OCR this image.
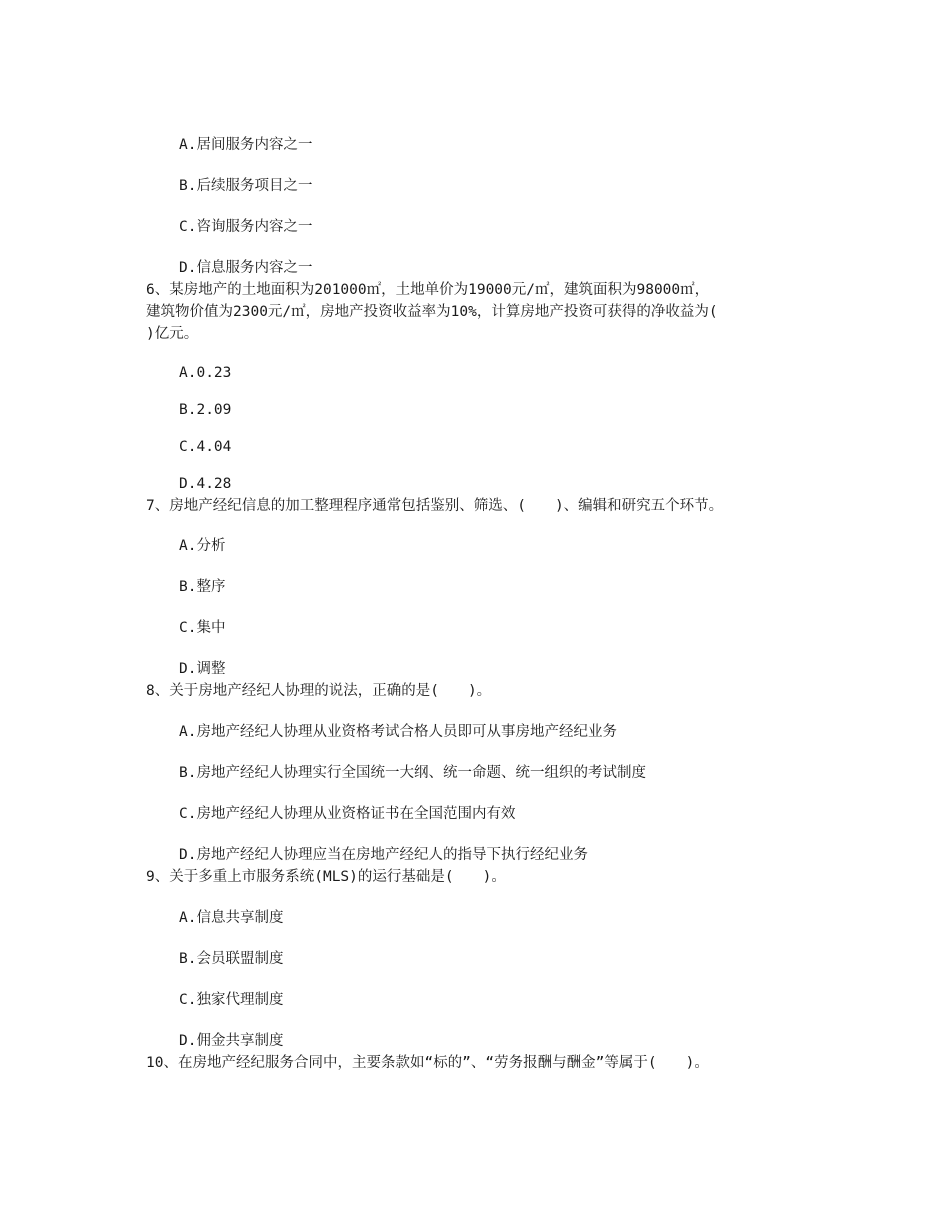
A.居间服务内容之一
B.后续服务项目之一
C.咨询服务内容之一
D.信息服务内容之一
6、某房地产的土地面积为201000㎡，土地单价为19000元/㎡，建筑面积为98000㎡，
建筑物价值为2300元/㎡，房地产投资收益率为10%，计算房地产投资可获得的净收益为(
)亿元。
A.0.23
B.2.09
C.4.04
D.4.28
7、房地产经纪信息的加工整理程序通常包括鉴别、筛选、(　　)、编辑和研究五个环节。
A.分析
B.整序
C.集中
D.调整
8、关于房地产经纪人协理的说法，正确的是(　　)。
A.房地产经纪人协理从业资格考试合格人员即可从事房地产经纪业务
B.房地产经纪人协理实行全国统一大纲、统一命题、统一组织的考试制度
C.房地产经纪人协理从业资格证书在全国范围内有效
D.房地产经纪人协理应当在房地产经纪人的指导下执行经纪业务
9、关于多重上市服务系统(MLS)的运行基础是(　　)。
A.信息共享制度
B.会员联盟制度
C.独家代理制度
D.佣金共享制度
10、在房地产经纪服务合同中，主要条款如“标的”、“劳务报酬与酬金”等属于(　　)。
